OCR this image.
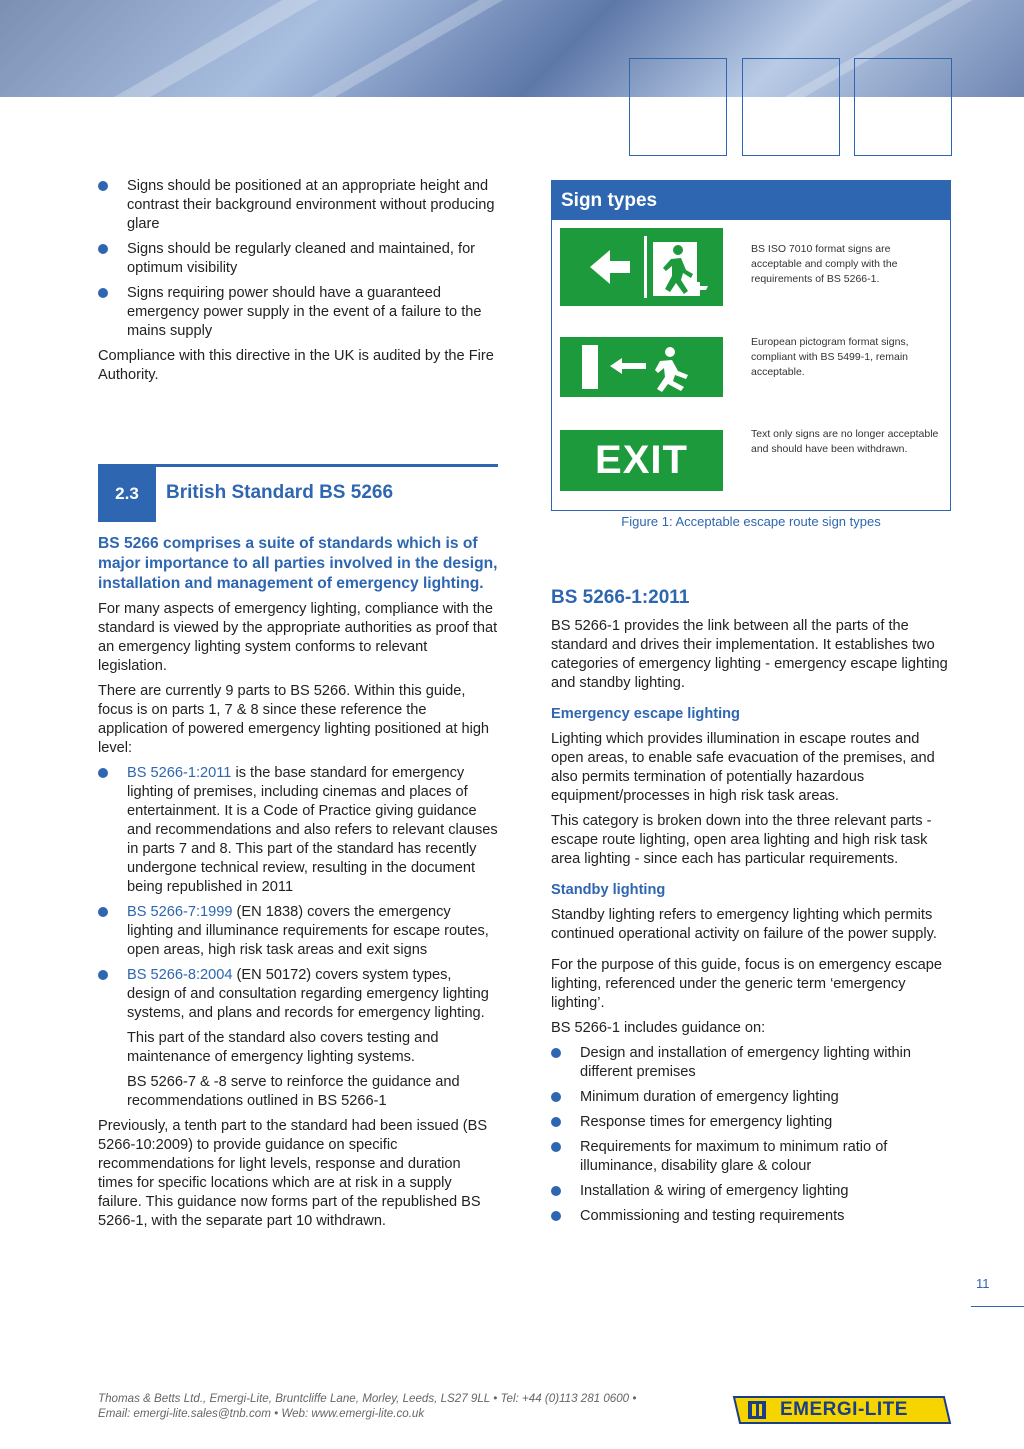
Signs should be positioned at an appropriate height and contrast their background environment without producing glare
Signs should be regularly cleaned and maintained, for optimum visibility
Signs requiring power should have a guaranteed emergency power supply in the event of a failure to the mains supply

Compliance with this directive in the UK is audited by the Fire Authority.

2.3	British Standard BS 5266

BS 5266 comprises a suite of standards which is of major importance to all parties involved in the design, installation and management of emergency lighting.

For many aspects of emergency lighting, compliance with the standard is viewed by the appropriate authorities as proof that an emergency lighting system conforms to relevant legislation.

There are currently 9 parts to BS 5266. Within this guide, focus is on parts 1, 7 & 8 since these reference the application of powered emergency lighting positioned at high level:

BS 5266-1:2011 is the base standard for emergency lighting of premises, including cinemas and places of entertainment. It is a Code of Practice giving guidance and recommendations and also refers to relevant clauses in parts 7 and 8. This part of the standard has recently undergone technical review, resulting in the document being republished in 2011
BS 5266-7:1999 (EN 1838) covers the emergency lighting and illuminance requirements for escape routes, open areas, high risk task areas and exit signs
BS 5266-8:2004 (EN 50172) covers system types, design of and consultation regarding emergency lighting systems, and plans and records for emergency lighting.

This part of the standard also covers testing and maintenance of emergency lighting systems.

BS 5266-7 & -8 serve to reinforce the guidance and recommendations outlined in BS 5266-1

Previously, a tenth part to the standard had been issued (BS 5266-10:2009) to provide guidance on specific recommendations for light levels, response and duration times for specific locations which are at risk in a supply failure. This guidance now forms part of the republished BS 5266-1, with the separate part 10 withdrawn.

Sign types
BS ISO 7010 format signs are acceptable and comply with the requirements of BS 5266-1.
European pictogram format signs, compliant with BS 5499-1, remain acceptable.
EXIT
Text only signs are no longer acceptable and should have been withdrawn.
Figure 1: Acceptable escape route sign types

BS 5266-1:2011

BS 5266-1 provides the link between all the parts of the standard and drives their implementation. It establishes two categories of emergency lighting - emergency escape lighting and standby lighting.

Emergency escape lighting

Lighting which provides illumination in escape routes and open areas, to enable safe evacuation of the premises, and also permits termination of potentially hazardous equipment/processes in high risk task areas.

This category is broken down into the three relevant parts - escape route lighting, open area lighting and high risk task area lighting - since each has particular requirements.

Standby lighting

Standby lighting refers to emergency lighting which permits continued operational activity on failure of the power supply.

For the purpose of this guide, focus is on emergency escape lighting, referenced under the generic term ‘emergency lighting’.

BS 5266-1 includes guidance on:

Design and installation of emergency lighting within different premises
Minimum duration of emergency lighting
Response times for emergency lighting
Requirements for maximum to minimum ratio of illuminance, disability glare & colour
Installation & wiring of emergency lighting
Commissioning and testing requirements
11
Thomas & Betts Ltd., Emergi-Lite, Bruntcliffe Lane, Morley, Leeds, LS27 9LL • Tel: +44 (0)113 281 0600 •
Email: emergi-lite.sales@tnb.com • Web: www.emergi-lite.co.uk	EMERGI-LITE
